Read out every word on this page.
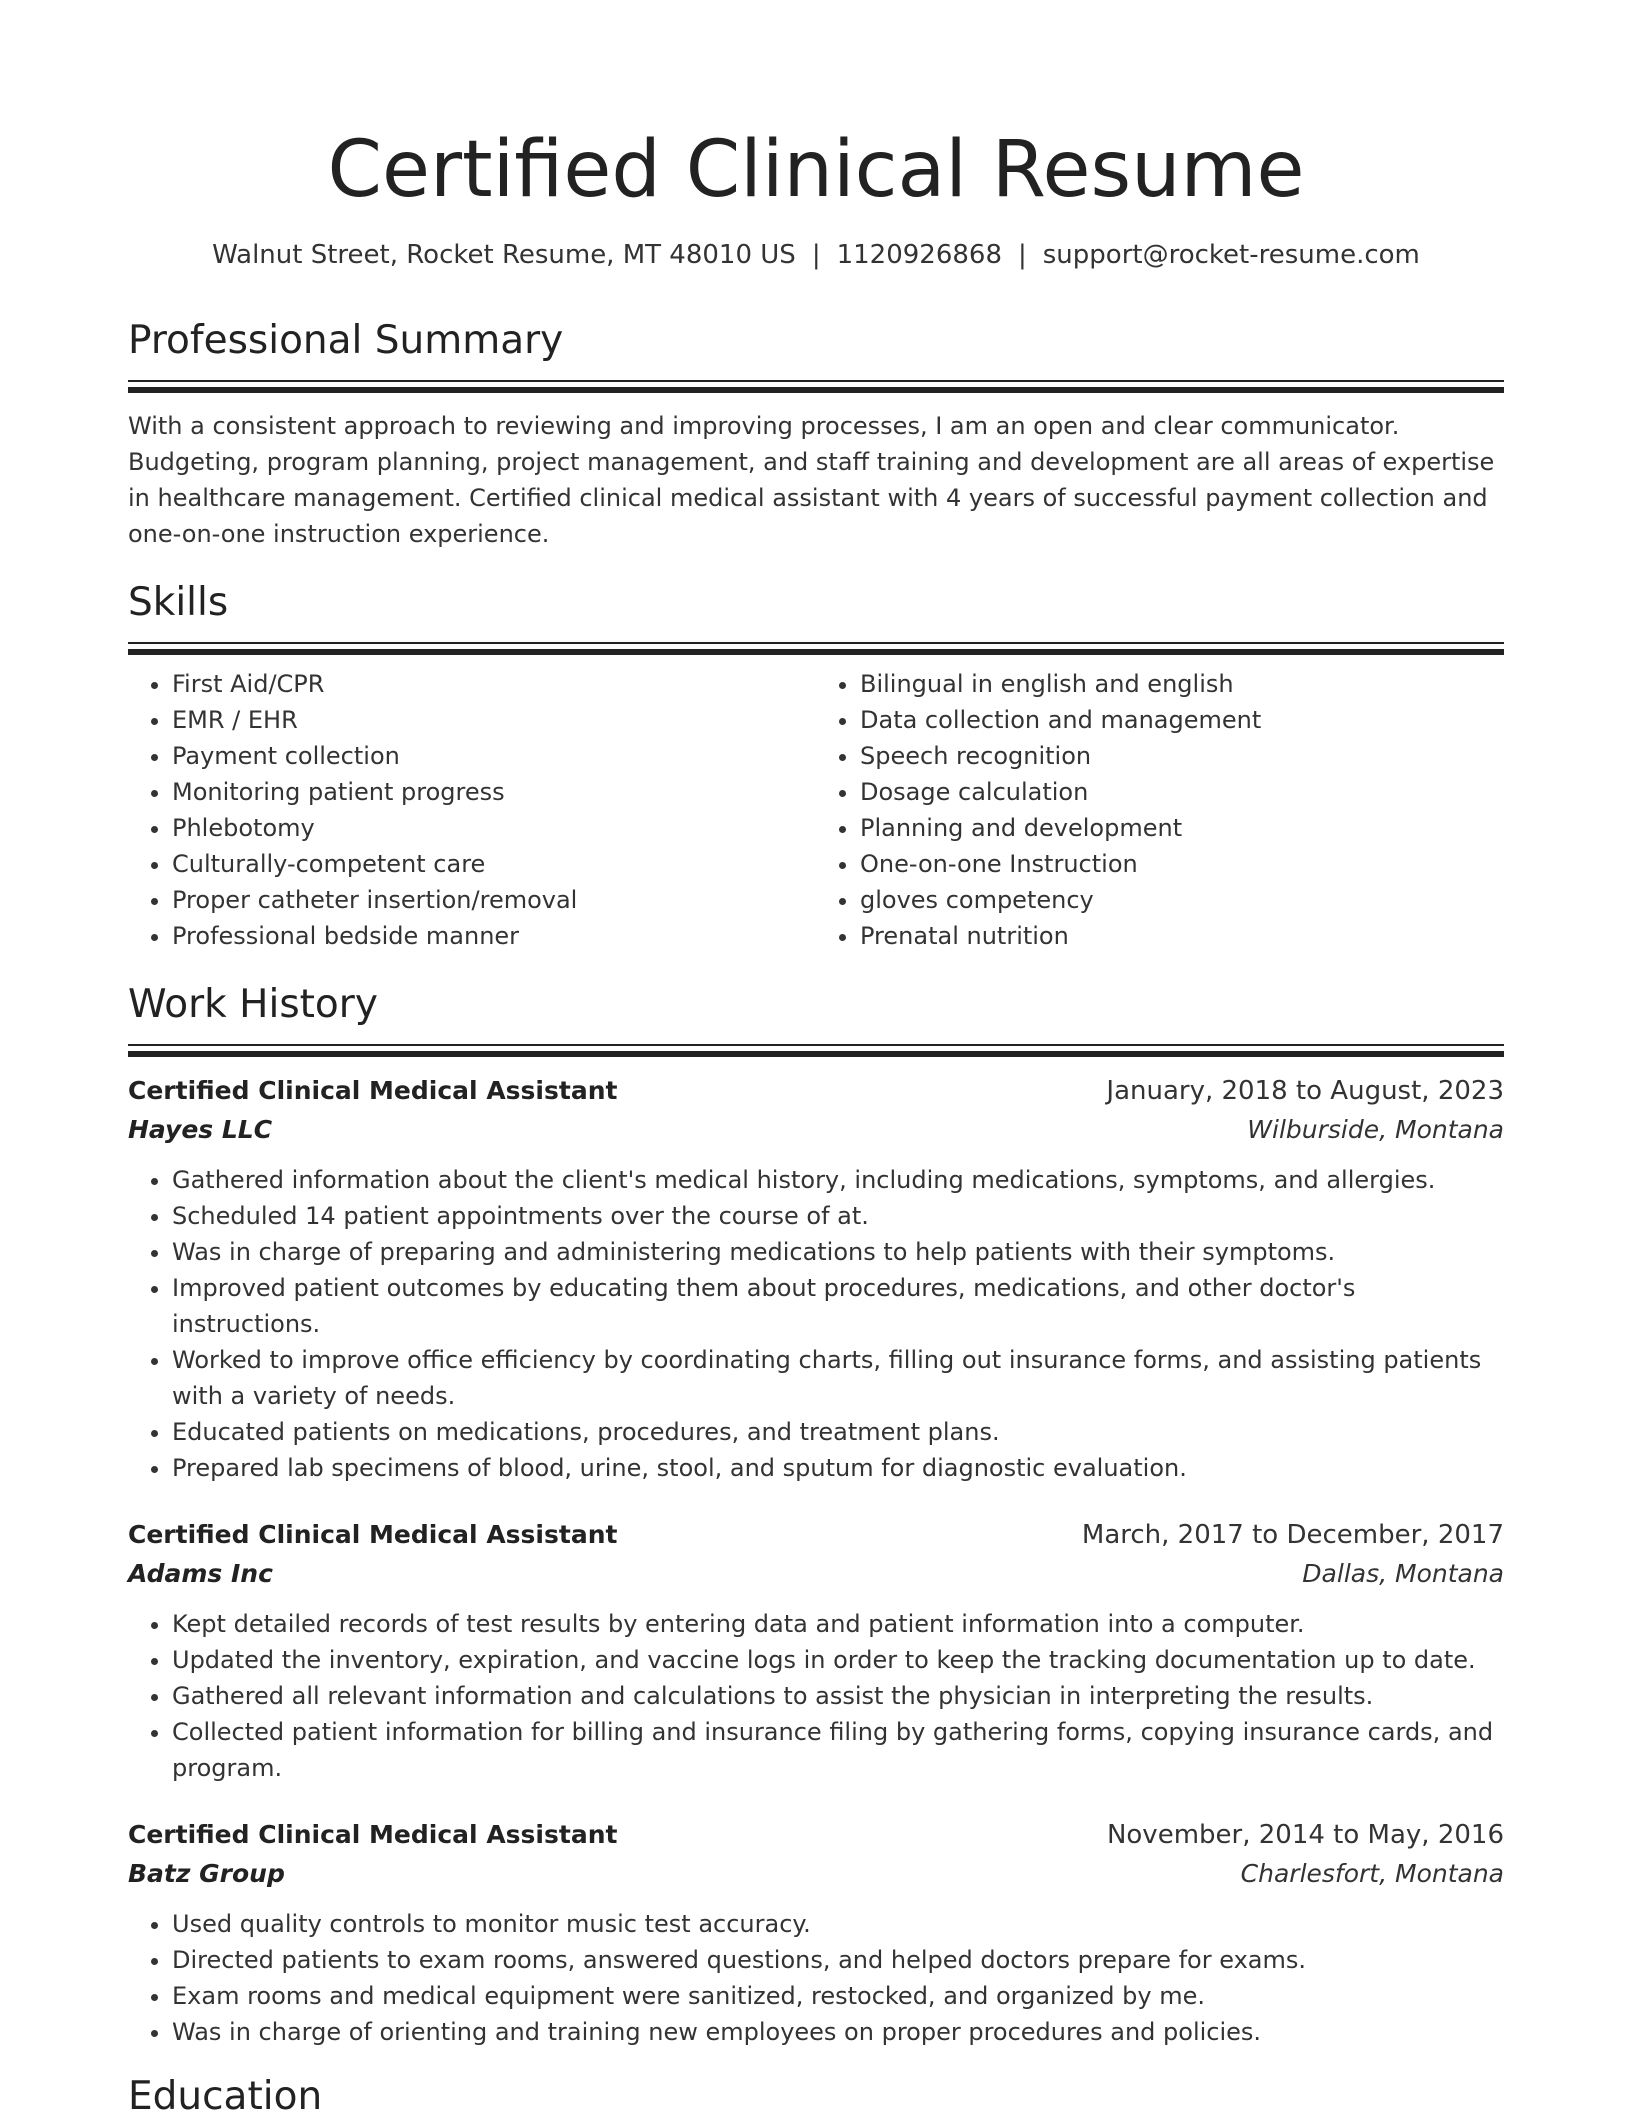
Certified Clinical Resume
Walnut Street, Rocket Resume, MT 48010 US | 1120926868 | support@rocket-resume.com
Professional Summary

With a consistent approach to reviewing and improving processes, I am an open and clear communicator. Budgeting, program planning, project management, and staff training and development are all areas of expertise in healthcare management. Certified clinical medical assistant with 4 years of successful payment collection and one-on-one instruction experience.

Skills
• First Aid/CPR
• EMR / EHR
• Payment collection
• Monitoring patient progress
• Phlebotomy
• Culturally-competent care
• Proper catheter insertion/removal
• Professional bedside manner
• Bilingual in english and english
• Data collection and management
• Speech recognition
• Dosage calculation
• Planning and development
• One-on-one Instruction
• gloves competency
• Prenatal nutrition
Work History
Certified Clinical Medical Assistant	January, 2018 to August, 2023
Hayes LLC	Wilburside, Montana
• Gathered information about the client's medical history, including medications, symptoms, and allergies.
• Scheduled 14 patient appointments over the course of at.
• Was in charge of preparing and administering medications to help patients with their symptoms.
• Improved patient outcomes by educating them about procedures, medications, and other doctor's instructions.
• Worked to improve office efficiency by coordinating charts, filling out insurance forms, and assisting patients with a variety of needs.
• Educated patients on medications, procedures, and treatment plans.
• Prepared lab specimens of blood, urine, stool, and sputum for diagnostic evaluation.
Certified Clinical Medical Assistant	March, 2017 to December, 2017
Adams Inc	Dallas, Montana
• Kept detailed records of test results by entering data and patient information into a computer.
• Updated the inventory, expiration, and vaccine logs in order to keep the tracking documentation up to date.
• Gathered all relevant information and calculations to assist the physician in interpreting the results.
• Collected patient information for billing and insurance filing by gathering forms, copying insurance cards, and program.
Certified Clinical Medical Assistant	November, 2014 to May, 2016
Batz Group	Charlesfort, Montana
• Used quality controls to monitor music test accuracy.
• Directed patients to exam rooms, answered questions, and helped doctors prepare for exams.
• Exam rooms and medical equipment were sanitized, restocked, and organized by me.
• Was in charge of orienting and training new employees on proper procedures and policies.
Education
